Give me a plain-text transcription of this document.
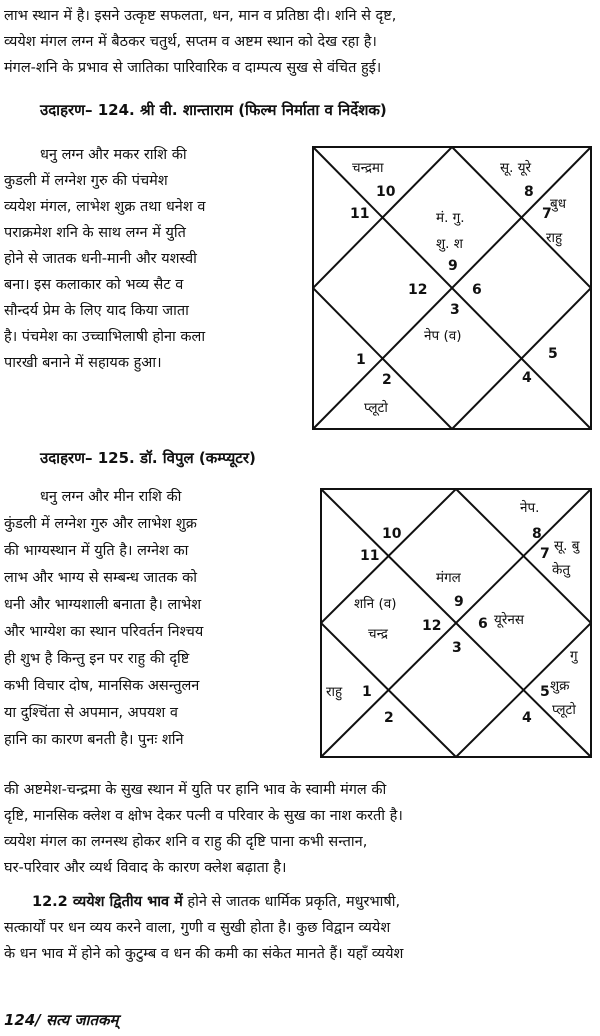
लाभ स्थान में है। इसने उत्कृष्ट सफलता, धन, मान व प्रतिष्ठा दी। शनि से दृष्ट,
व्ययेश मंगल लग्न में बैठकर चतुर्थ, सप्तम व अष्टम स्थान को देख रहा है।
मंगल-शनि के प्रभाव से जातिका पारिवारिक व दाम्पत्य सुख से वंचित हुई।
उदाहरण– 124. श्री वी. शान्ताराम (फिल्म निर्माता व निर्देशक)
धनु लग्न और मकर राशि की
कुडली में लग्नेश गुरु की पंचमेश
व्ययेश मंगल, लाभेश शुक्र तथा धनेश व
पराक्रमेश शनि के साथ लग्न में युति
होने से जातक धनी-मानी और यशस्वी
बना। इस कलाकार को भव्य सैट व
सौन्दर्य प्रेम के लिए याद किया जाता
है। पंचमेश का उच्चाभिलाषी होना कला
पारखी बनाने में सहायक हुआ।
चन्द्रमा	सू. यूरे
बुध
राहु
मं. गु.
शु. श
नेप (व)
प्लूटो
10
11
8
7
9
12	6
3
1
2	4
5
उदाहरण– 125. डॉ. विपुल (कम्प्यूटर)
धनु लग्न और मीन राशि की
कुंडली में लग्नेश गुरु और लाभेश शुक्र
की भाग्यस्थान में युति है। लग्नेश का
लाभ और भाग्य से सम्बन्ध जातक को
धनी और भाग्यशाली बनाता है। लाभेश
और भाग्येश का स्थान परिवर्तन निश्चय
ही शुभ है किन्तु इन पर राहु की दृष्टि
कभी विचार दोष, मानसिक असन्तुलन
या दुश्चिंता से अपमान, अपयश व
हानि का कारण बनती है। पुनः शनि
नेप.
सू. बु
केतु
मंगल
शनि (व)
चन्द्र
यूरेनस
गु
शुक्र
प्लूटो
राहु
10
11
8
7
9
12	6
3
1
2	4
5
की अष्टमेश-चन्द्रमा के सुख स्थान में युति पर हानि भाव के स्वामी मंगल की
दृष्टि, मानसिक क्लेश व क्षोभ देकर पत्नी व परिवार के सुख का नाश करती है।
व्ययेश मंगल का लग्नस्थ होकर शनि व राहु की दृष्टि पाना कभी सन्तान,
घर-परिवार और व्यर्थ विवाद के कारण क्लेश बढ़ाता है।
12.2 व्ययेश द्वितीय भाव में होने से जातक धार्मिक प्रकृति, मधुरभाषी,
सत्कार्यों पर धन व्यय करने वाला, गुणी व सुखी होता है। कुछ विद्वान व्ययेश
के धन भाव में होने को कुटुम्ब व धन की कमी का संकेत मानते हैं। यहाँ व्ययेश
124/ सत्य जातकम्
